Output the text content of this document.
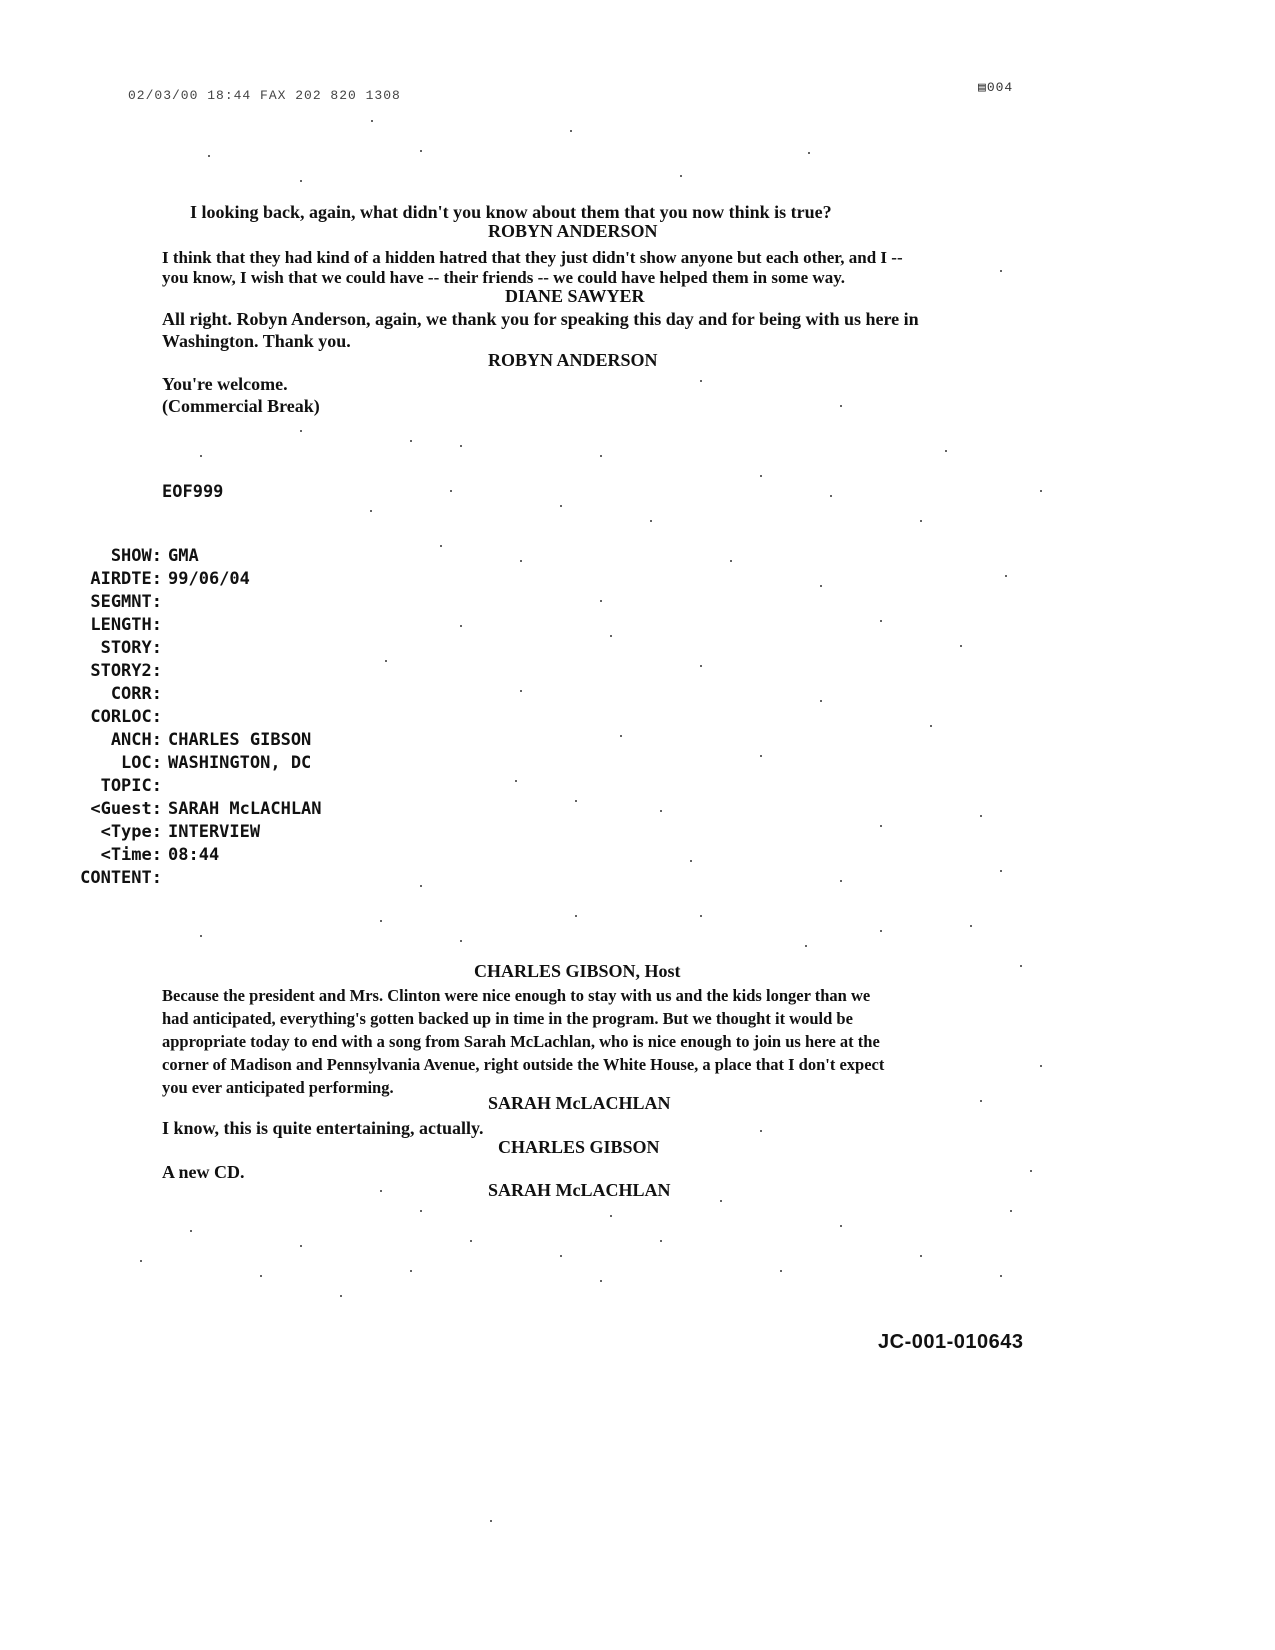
02/03/00 18:44 FAX 202 820 1308
▤004
I looking back, again, what didn't you know about them that you now think is true?
ROBYN ANDERSON
I think that they had kind of a hidden hatred that they just didn't show anyone but each other, and I --
you know, I wish that we could have -- their friends -- we could have helped them in some way.
DIANE SAWYER
All right. Robyn Anderson, again, we thank you for speaking this day and for being with us here in
Washington. Thank you.
ROBYN ANDERSON
You're welcome.
(Commercial Break)
EOF999
SHOW: GMA
AIRDTE: 99/06/04
SEGMNT:
LENGTH:
STORY:
STORY2:
CORR:
CORLOC:
ANCH: CHARLES GIBSON
LOC: WASHINGTON, DC
TOPIC:
<Guest: SARAH McLACHLAN
<Type: INTERVIEW
<Time: 08:44
CONTENT:
CHARLES GIBSON, Host
Because the president and Mrs. Clinton were nice enough to stay with us and the kids longer than we
had anticipated, everything's gotten backed up in time in the program. But we thought it would be
appropriate today to end with a song from Sarah McLachlan, who is nice enough to join us here at the
corner of Madison and Pennsylvania Avenue, right outside the White House, a place that I don't expect
you ever anticipated performing.
SARAH McLACHLAN
I know, this is quite entertaining, actually.
CHARLES GIBSON
A new CD.
SARAH McLACHLAN
JC-001-010643
